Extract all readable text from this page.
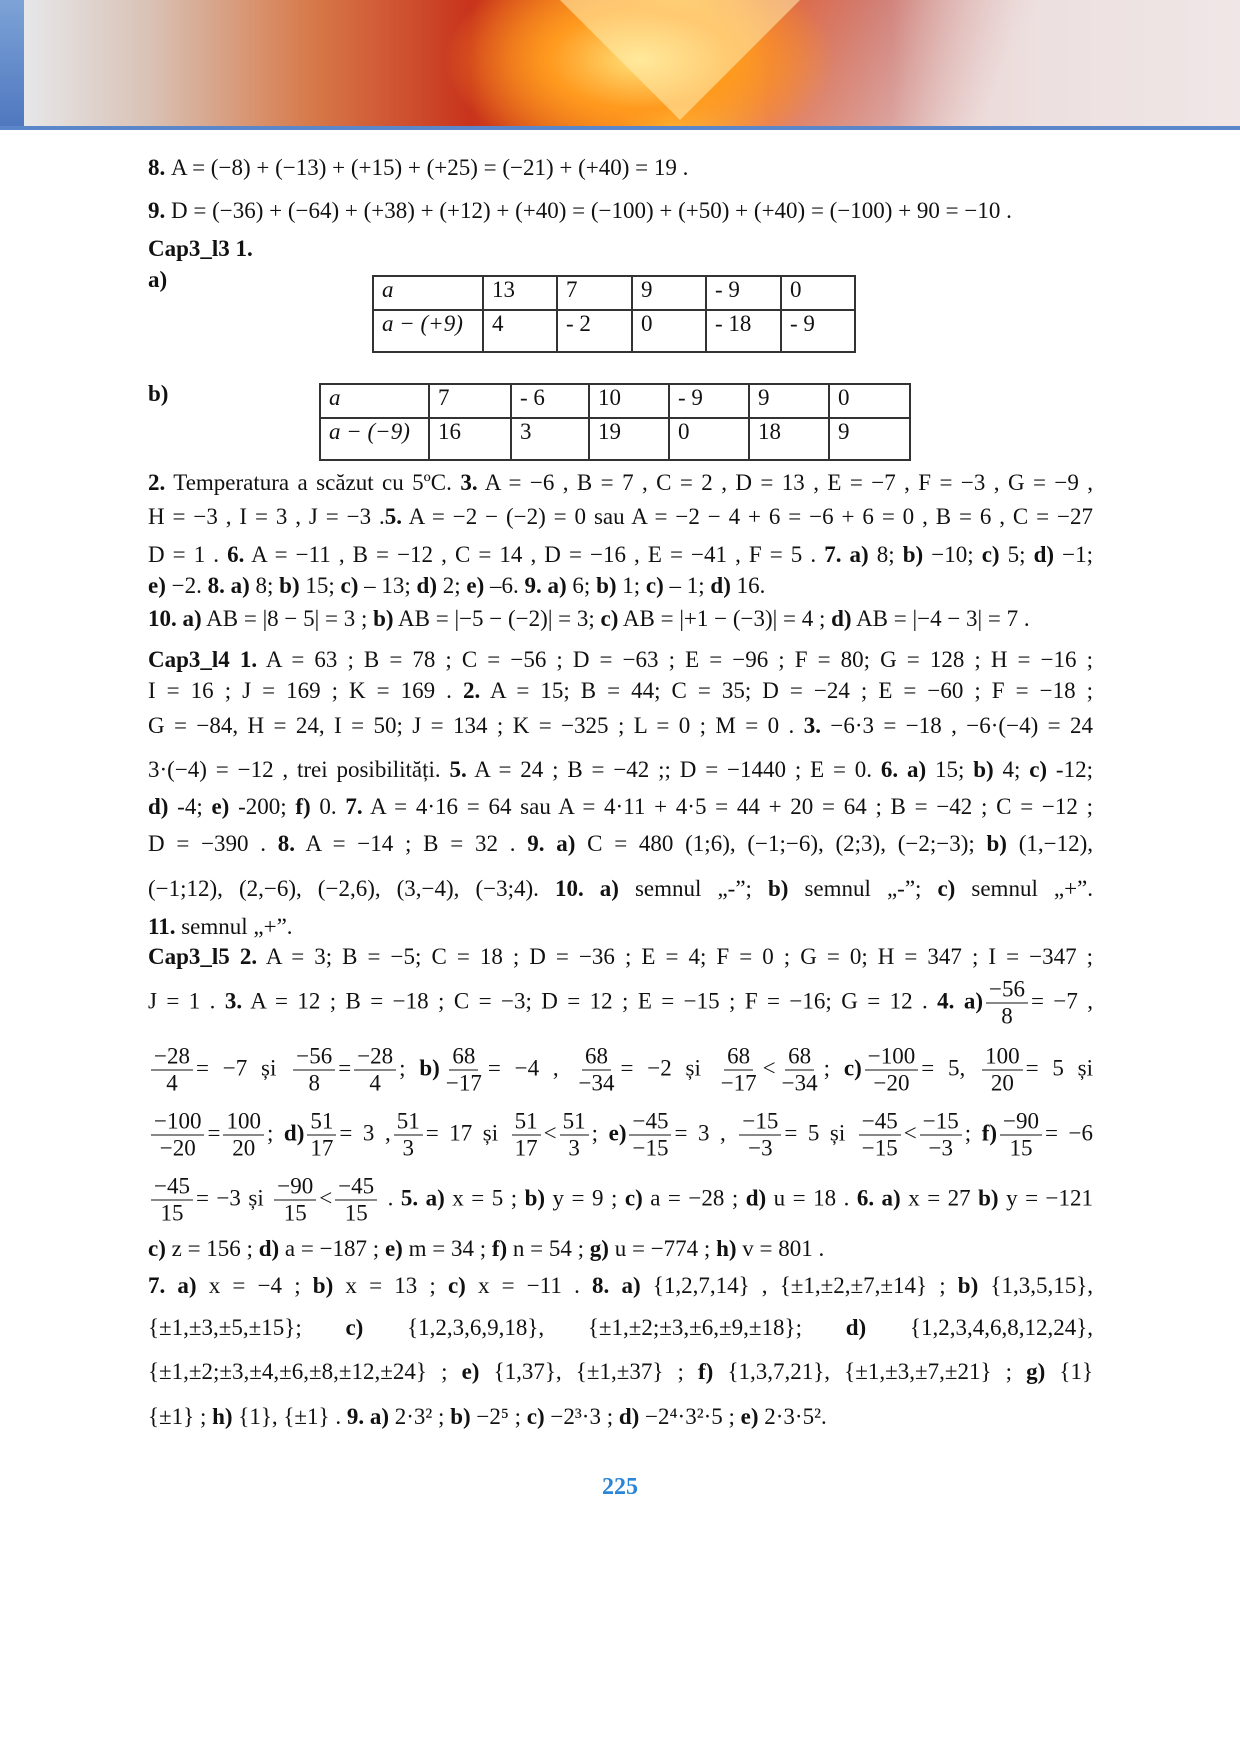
8. A = (−8) + (−13) + (+15) + (+25) = (−21) + (+40) = 19 .
9. D = (−36) + (−64) + (+38) + (+12) + (+40) = (−100) + (+50) + (+40) = (−100) + 90 = −10 .
Cap3_l3 1.
2. Temperatura a scăzut cu 5ºC. 3. A = −6 , B = 7 , C = 2 , D = 13 , E = −7 , F = −3 , G = −9 ,
H = −3 , I = 3 , J = −3 .5. A = −2 − (−2) = 0 sau A = −2 − 4 + 6 = −6 + 6 = 0 , B = 6 , C = −27
D = 1 . 6. A = −11 , B = −12 , C = 14 , D = −16 , E = −41 , F = 5 . 7. a) 8; b) −10; c) 5; d) −1;
e) −2. 8. a) 8; b) 15; c) – 13; d) 2; e) –6. 9. a) 6; b) 1; c) – 1; d) 16.
10. a) AB = |8 − 5| = 3 ; b) AB = |−5 − (−2)| = 3; c) AB = |+1 − (−3)| = 4 ; d) AB = |−4 − 3| = 7 .
Cap3_l4 1. A = 63 ; B = 78 ; C = −56 ; D = −63 ; E = −96 ; F = 80; G = 128 ; H = −16 ;
I = 16 ; J = 169 ; K = 169 . 2. A = 15; B = 44; C = 35; D = −24 ; E = −60 ; F = −18 ;
G = −84, H = 24, I = 50; J = 134 ; K = −325 ; L = 0 ; M = 0 . 3. −6·3 = −18 , −6·(−4) = 24
3·(−4) = −12 , trei posibilități. 5. A = 24 ; B = −42 ;; D = −1440 ; E = 0. 6. a) 15; b) 4; c) -12;
d) -4; e) -200; f) 0. 7. A = 4·16 = 64 sau A = 4·11 + 4·5 = 44 + 20 = 64 ; B = −42 ; C = −12 ;
D = −390 . 8. A = −14 ; B = 32 . 9. a) C = 480 (1;6), (−1;−6), (2;3), (−2;−3); b) (1,−12),
(−1;12), (2,−6), (−2,6), (3,−4), (−3;4). 10. a) semnul „-”; b) semnul „-”; c) semnul „+”.
11. semnul „+”.
Cap3_l5 2. A = 3; B = −5; C = 18 ; D = −36 ; E = 4; F = 0 ; G = 0; H = 347 ; I = −347 ;
J = 1 . 3. A = 12 ; B = −18 ; C = −3; D = 12 ; E = −15 ; F = −16; G = 12 . 4. $a) \frac{-56}{8} = -7$ ,
$\frac{-28}{4} = -7$ și $\frac{-56}{8} = \frac{-28}{4}$ ; $b) \frac{68}{-17} = -4$ , $\frac{68}{-34} = -2$ și $\frac{68}{-17} < \frac{68}{-34}$ ; $c) \frac{-100}{-20} = 5$, $\frac{100}{20} = 5$ și
$\frac{-100}{-20} = \frac{100}{20}$ ; $d) \frac{51}{17} = 3$ , $\frac{51}{3} = 17$ și $\frac{51}{17} < \frac{51}{3}$ ; $e) \frac{-45}{-15} = 3$ , $\frac{-15}{-3} = 5$ și $\frac{-45}{-15} < \frac{-15}{-3}$ ; $f) \frac{-90}{15} = -6$
$\frac{-45}{15} = -3$ și $\frac{-90}{15} < \frac{-45}{15}$ . 5. a) x = 5 ; b) y = 9 ; c) a = −28 ; d) u = 18 . 6. a) x = 27 b) y = −121
c) z = 156 ; d) a = −187 ; e) m = 34 ; f) n = 54 ; g) u = −774 ; h) v = 801 .
7. a) x = −4 ; b) x = 13 ; c) x = −11 . 8. a) {1,2,7,14} , {±1,±2,±7,±14} ; b) {1,3,5,15},
{±1,±3,±5,±15}; c) {1,2,3,6,9,18}, {±1,±2;±3,±6,±9,±18}; d) {1,2,3,4,6,8,12,24},
{±1,±2;±3,±4,±6,±8,±12,±24} ; e) {1,37}, {±1,±37} ; f) {1,3,7,21}, {±1,±3,±7,±21} ; g) {1}
{±1} ; h) {1}, {±1} . 9. a) 2·3² ; b) −2⁵ ; c) −2³·3 ; d) −2⁴·3²·5 ; e) 2·3·5².
a)	a	13	7	9	- 9	0
a − (+9)	4	- 2	0	- 18	- 9
b)	a	7	- 6	10	- 9	9	0
a − (−9)	16	3	19	0	18	9
225
